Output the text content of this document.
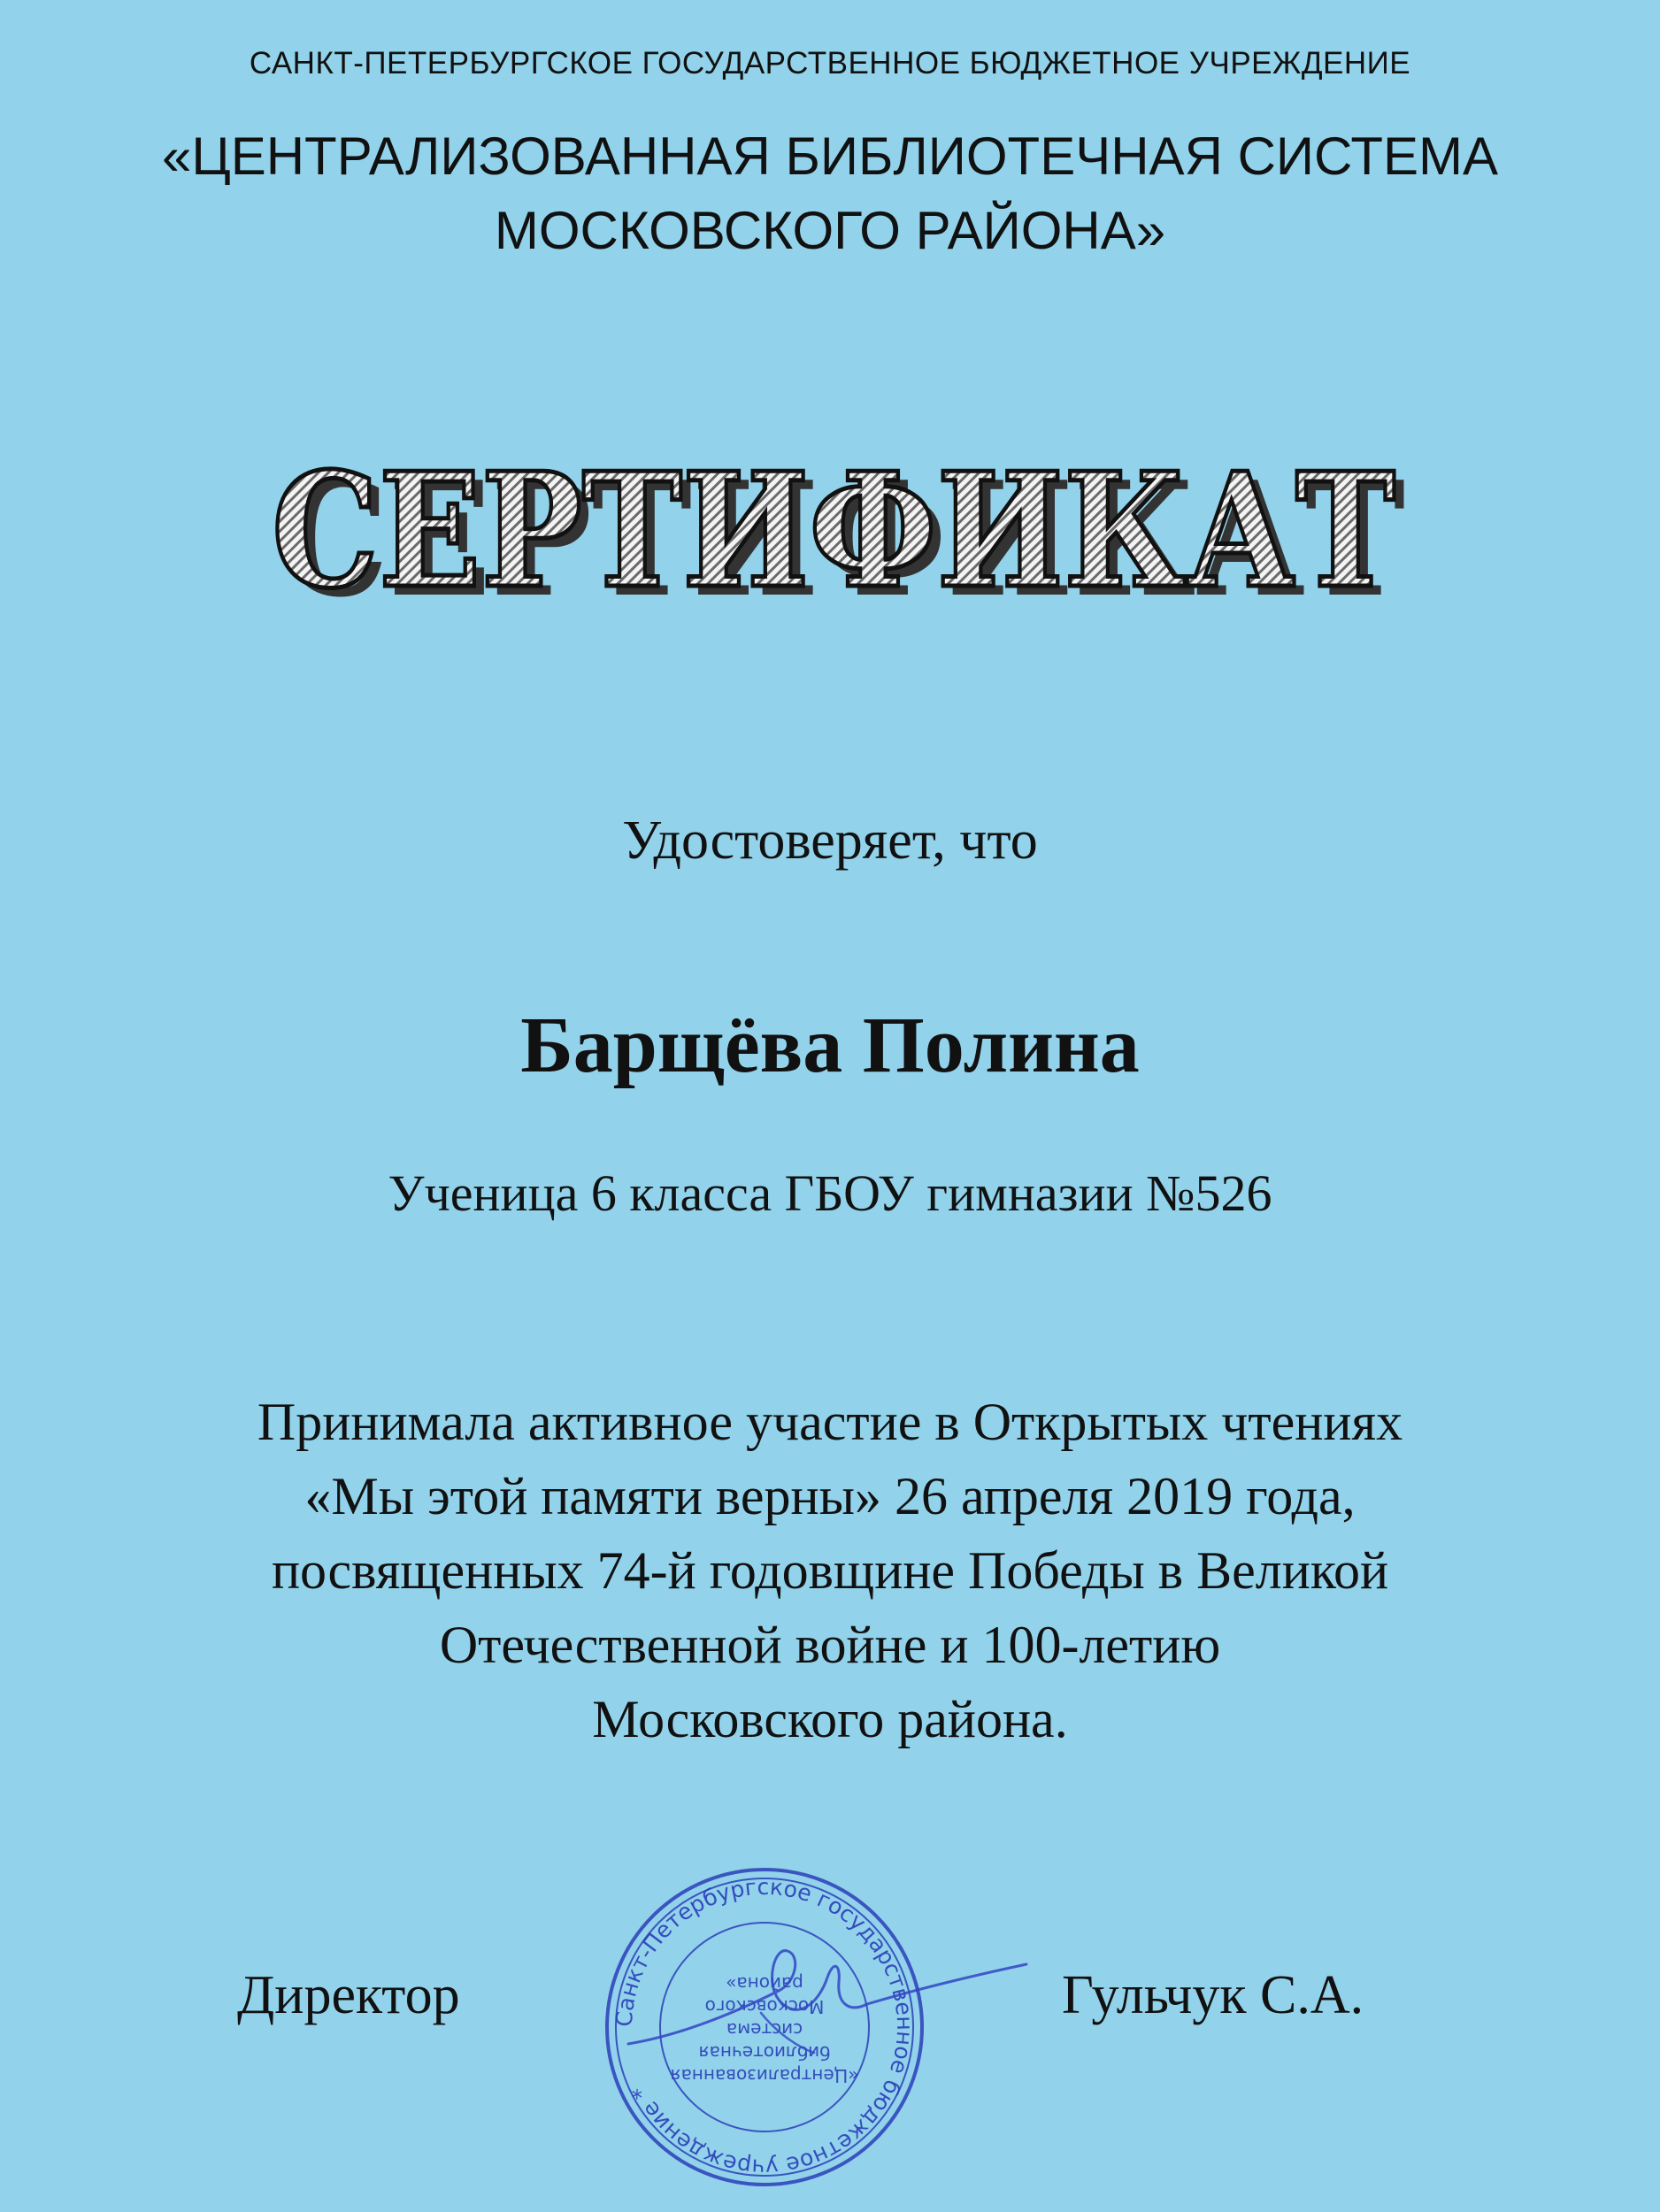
САНКТ-ПЕТЕРБУРГСКОЕ ГОСУДАРСТВЕННОЕ БЮДЖЕТНОЕ УЧРЕЖДЕНИЕ
«ЦЕНТРАЛИЗОВАННАЯ БИБЛИОТЕЧНАЯ СИСТЕМА
МОСКОВСКОГО РАЙОНА»
СЕРТИФИКАТ
СЕРТИФИКАТ
Удостоверяет, что
Барщёва Полина
Ученица 6 класса ГБОУ гимназии №526
Принимала активное участие в Открытых чтениях
«Мы этой памяти верны» 26 апреля 2019 года,
посвященных 74-й годовщине Победы в Великой
Отечественной войне и 100-летию
Московского района.
Санкт-Петербургское государственное бюджетное учреждение *
«Централизованная
библиотечная
система
Московского
района»
Директор	Гульчук С.А.
